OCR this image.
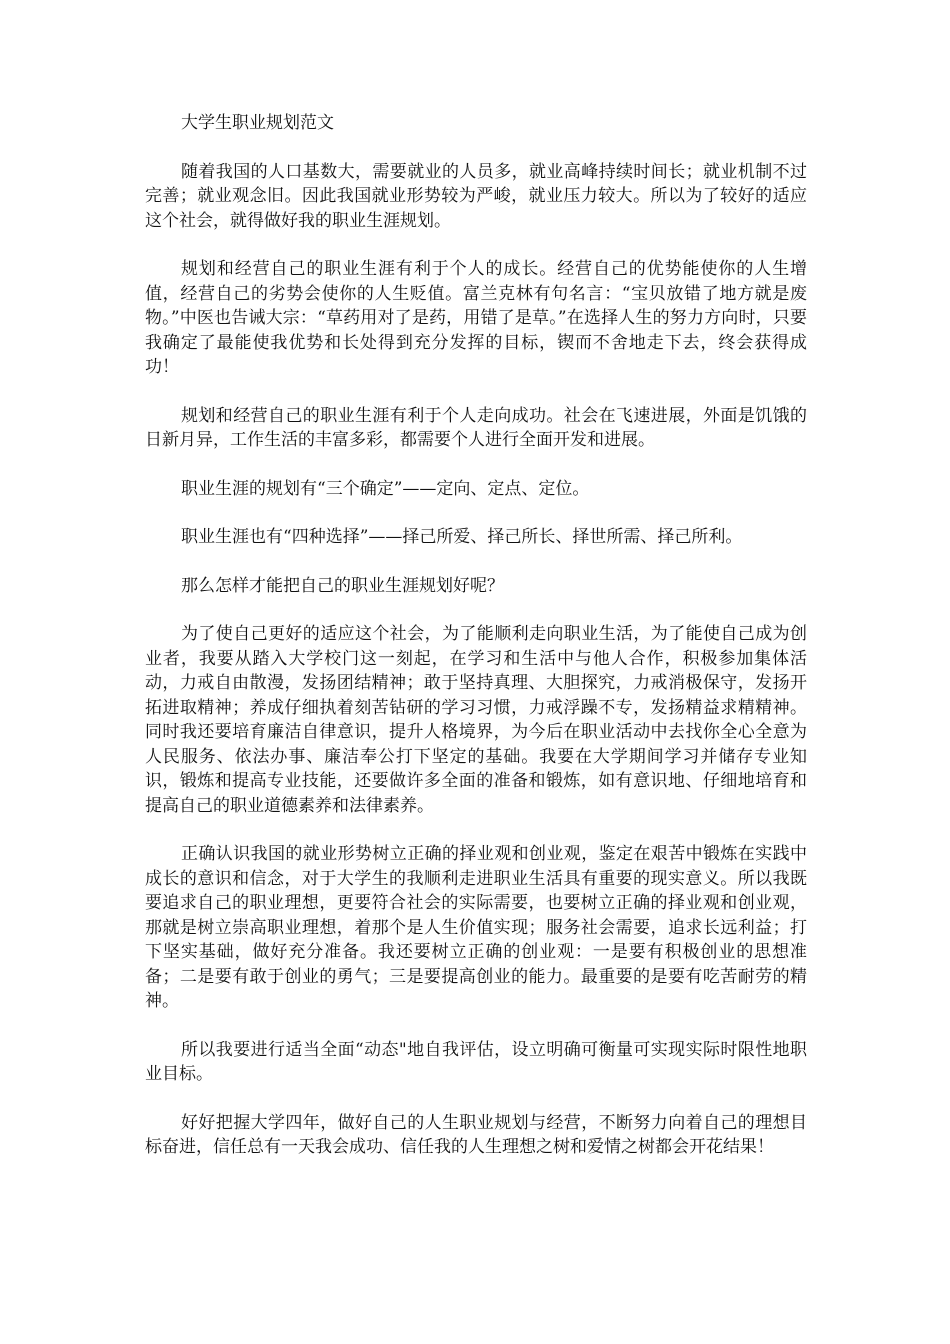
大学生职业规划范文

随着我国的人口基数大，需要就业的人员多，就业高峰持续时间长；就业机制不过完善；就业观念旧。因此我国就业形势较为严峻，就业压力较大。所以为了较好的适应这个社会，就得做好我的职业生涯规划。

规划和经营自己的职业生涯有利于个人的成长。经营自己的优势能使你的人生增值，经营自己的劣势会使你的人生贬值。富兰克林有句名言：“宝贝放错了地方就是废物。”中医也告诫大宗：“草药用对了是药，用错了是草。”在选择人生的努力方向时，只要我确定了最能使我优势和长处得到充分发挥的目标，锲而不舍地走下去，终会获得成功！

规划和经营自己的职业生涯有利于个人走向成功。社会在飞速进展，外面是饥饿的日新月异，工作生活的丰富多彩，都需要个人进行全面开发和进展。

职业生涯的规划有“三个确定”——定向、定点、定位。

职业生涯也有“四种选择”——择己所爱、择己所长、择世所需、择己所利。

那么怎样才能把自己的职业生涯规划好呢？

为了使自己更好的适应这个社会，为了能顺利走向职业生活，为了能使自己成为创业者，我要从踏入大学校门这一刻起，在学习和生活中与他人合作，积极参加集体活动，力戒自由散漫，发扬团结精神；敢于坚持真理、大胆探究，力戒消极保守，发扬开拓进取精神；养成仔细执着刻苦钻研的学习习惯，力戒浮躁不专，发扬精益求精精神。同时我还要培育廉洁自律意识，提升人格境界，为今后在职业活动中去找你全心全意为人民服务、依法办事、廉洁奉公打下坚定的基础。我要在大学期间学习并储存专业知识，锻炼和提高专业技能，还要做许多全面的准备和锻炼，如有意识地、仔细地培育和提高自己的职业道德素养和法律素养。

正确认识我国的就业形势树立正确的择业观和创业观，鉴定在艰苦中锻炼在实践中成长的意识和信念，对于大学生的我顺利走进职业生活具有重要的现实意义。所以我既要追求自己的职业理想，更要符合社会的实际需要，也要树立正确的择业观和创业观，那就是树立崇高职业理想，着那个是人生价值实现；服务社会需要，追求长远利益；打下坚实基础，做好充分准备。我还要树立正确的创业观：一是要有积极创业的思想准备；二是要有敢于创业的勇气；三是要提高创业的能力。最重要的是要有吃苦耐劳的精神。

所以我要进行适当全面“动态"地自我评估，设立明确可衡量可实现实际时限性地职业目标。

好好把握大学四年，做好自己的人生职业规划与经营，不断努力向着自己的理想目标奋进，信任总有一天我会成功、信任我的人生理想之树和爱情之树都会开花结果！
